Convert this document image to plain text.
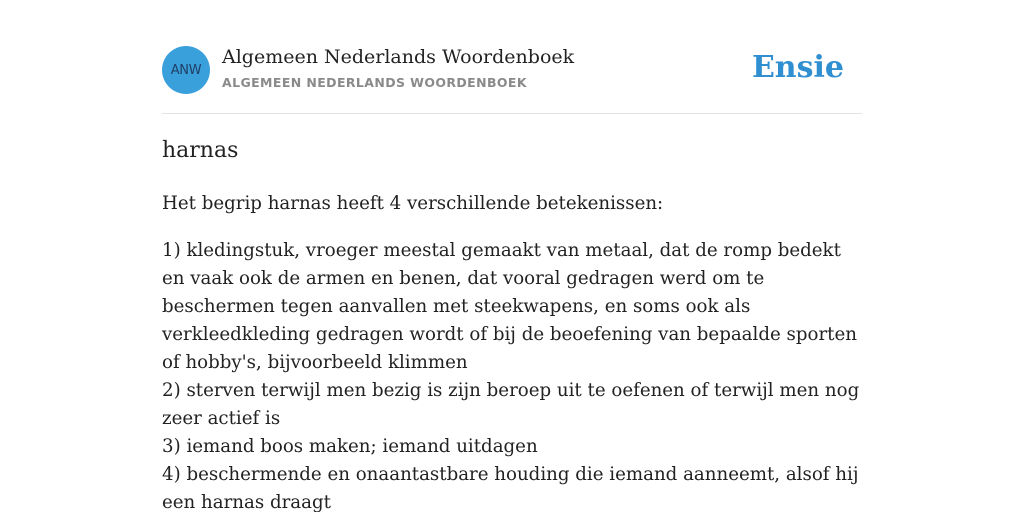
ANW
Algemeen Nederlands Woordenboek
ALGEMEEN NEDERLANDS WOORDENBOEK	Ensie
harnas

Het begrip harnas heeft 4 verschillende betekenissen:

1) kledingstuk, vroeger meestal gemaakt van metaal, dat de romp bedekt en vaak ook de armen en benen, dat vooral gedragen werd om te beschermen tegen aanvallen met steekwapens, en soms ook als verkleedkleding gedragen wordt of bij de beoefening van bepaalde sporten of hobby's, bijvoorbeeld klimmen
2) sterven terwijl men bezig is zijn beroep uit te oefenen of terwijl men nog zeer actief is
3) iemand boos maken; iemand uitdagen
4) beschermende en onaantastbare houding die iemand aanneemt, alsof hij een harnas draagt
